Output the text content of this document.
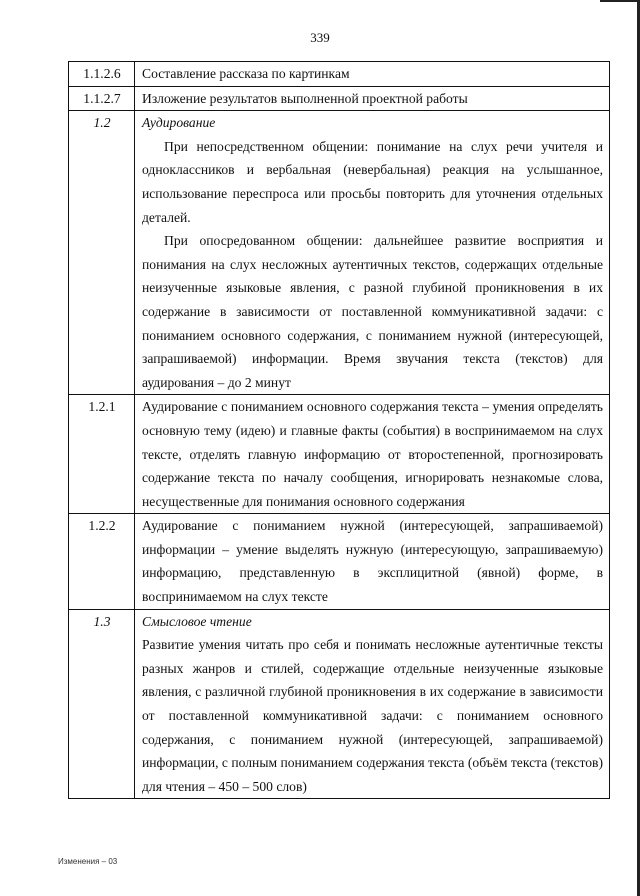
339
1.1.2.6	Составление рассказа по картинкам
1.1.2.7	Изложение результатов выполненной проектной работы
1.2	Аудирование
При непосредственном общении: понимание на слух речи учителя и одноклассников и вербальная (невербальная) реакция на услышанное, использование переспроса или просьбы повторить для уточнения отдельных деталей.
При опосредованном общении: дальнейшее развитие восприятия и понимания на слух несложных аутентичных текстов, содержащих отдельные неизученные языковые явления, с разной глубиной проникновения в их содержание в зависимости от поставленной коммуникативной задачи: с пониманием основного содержания, с пониманием нужной (интересующей, запрашиваемой) информации. Время звучания текста (текстов) для аудирования – до 2 минут

1.2.1	Аудирование с пониманием основного содержания текста – умения определять основную тему (идею) и главные факты (события) в воспринимаемом на слух тексте, отделять главную информацию от второстепенной, прогнозировать содержание текста по началу сообщения, игнорировать незнакомые слова, несущественные для понимания основного содержания
1.2.2	Аудирование с пониманием нужной (интересующей, запрашиваемой) информации – умение выделять нужную (интересующую, запрашиваемую) информацию, представленную в эксплицитной (явной) форме, в воспринимаемом на слух тексте
1.3	Смысловое чтение
Развитие умения читать про себя и понимать несложные аутентичные тексты разных жанров и стилей, содержащие отдельные неизученные языковые явления, с различной глубиной проникновения в их содержание в зависимости от поставленной коммуникативной задачи: с пониманием основного содержания, с пониманием нужной (интересующей, запрашиваемой) информации, с полным пониманием содержания текста (объём текста (текстов) для чтения – 450 – 500 слов)
Изменения – 03
